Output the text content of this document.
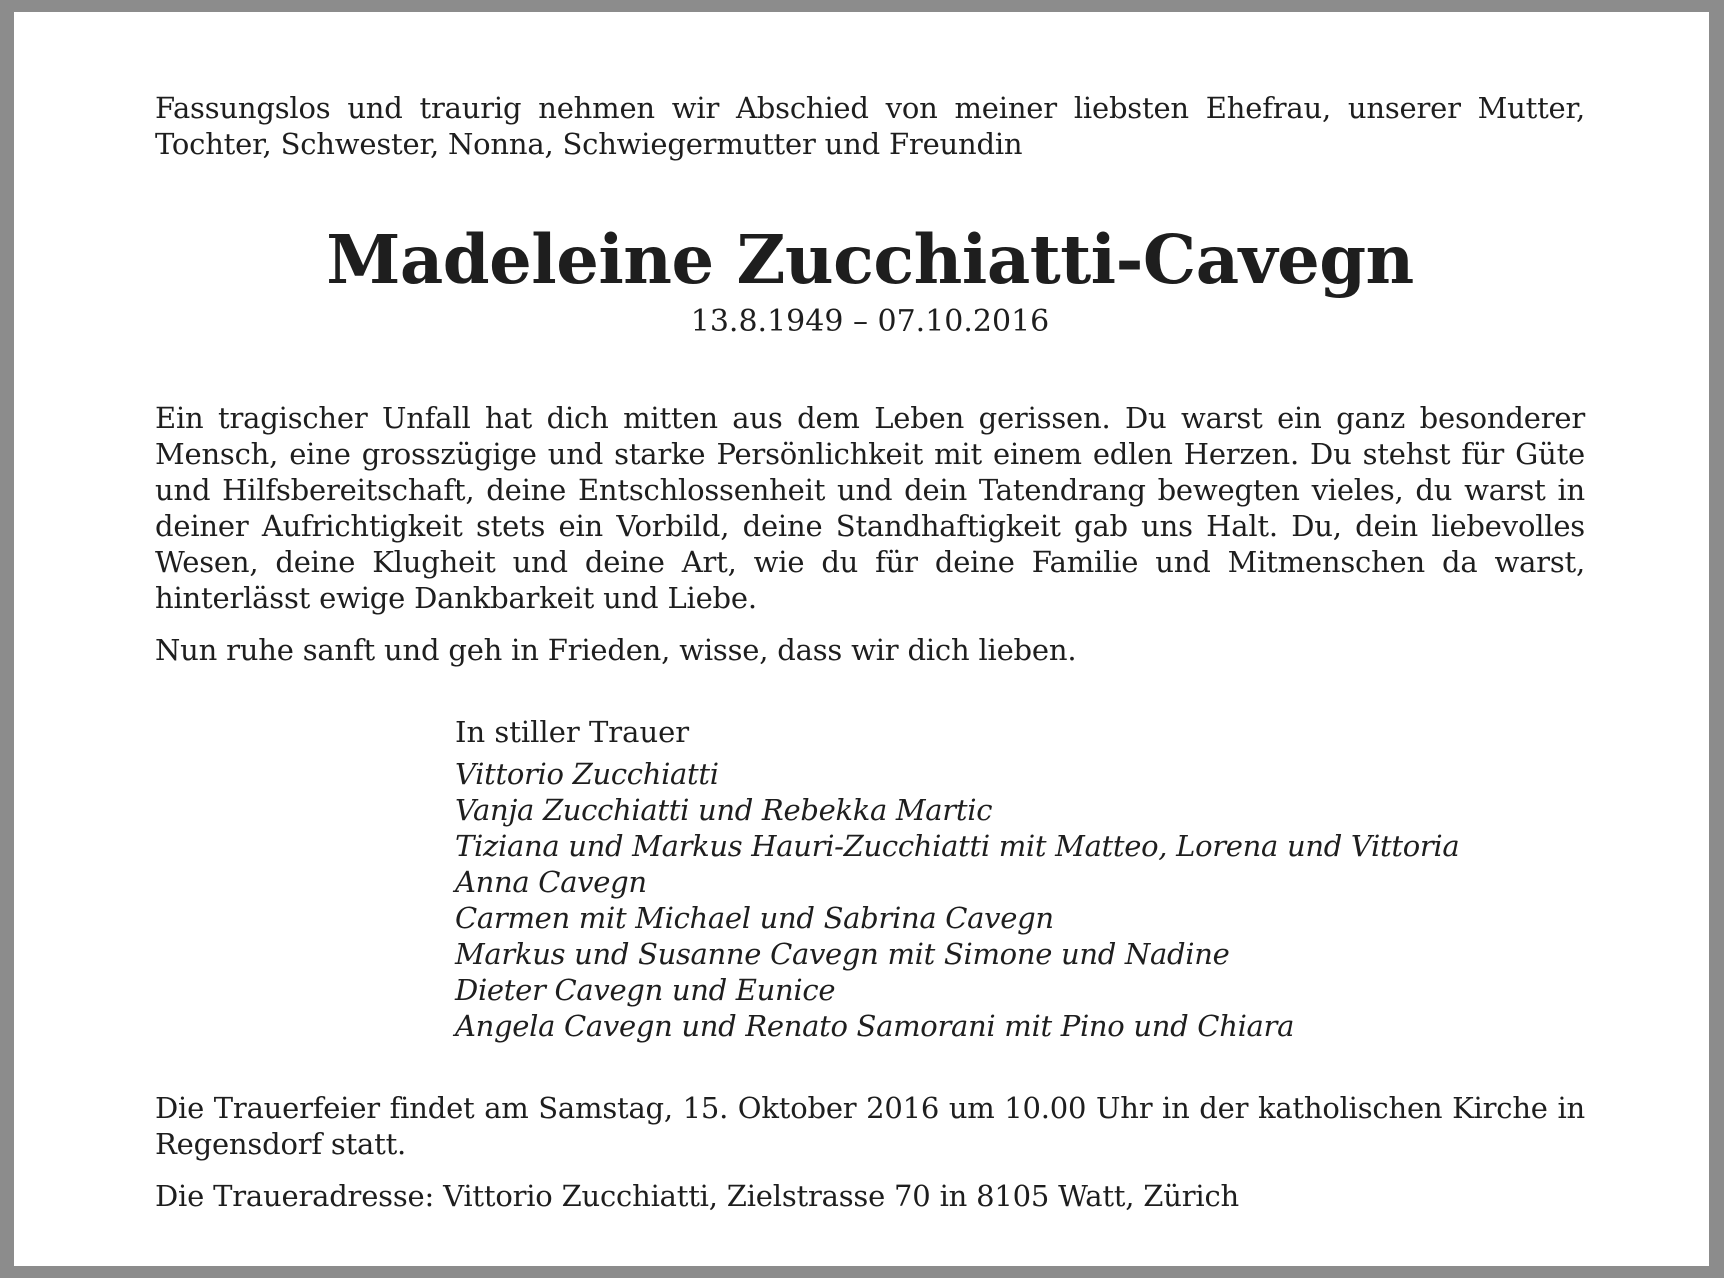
Fassungslos und traurig nehmen wir Abschied von meiner liebsten Ehefrau, unserer Mutter, Tochter, Schwester, Nonna, Schwiegermutter und Freundin

Madeleine Zucchiatti-Cavegn

13.8.1949 – 07.10.2016

Ein tragischer Unfall hat dich mitten aus dem Leben gerissen. Du warst ein ganz besonderer Mensch, eine grosszügige und starke Persönlichkeit mit einem edlen Herzen. Du stehst für Güte und Hilfsbereitschaft, deine Entschlossenheit und dein Tatendrang bewegten vieles, du warst in deiner Aufrichtigkeit stets ein Vorbild, deine Standhaftigkeit gab uns Halt. Du, dein liebevolles Wesen, deine Klugheit und deine Art, wie du für deine Familie und Mitmenschen da warst, hinterlässt ewige Dankbarkeit und Liebe.

Nun ruhe sanft und geh in Frieden, wisse, dass wir dich lieben.

In stiller Trauer

Vittorio Zucchiatti

Vanja Zucchiatti und Rebekka Martic

Tiziana und Markus Hauri-Zucchiatti mit Matteo, Lorena und Vittoria

Anna Cavegn

Carmen mit Michael und Sabrina Cavegn

Markus und Susanne Cavegn mit Simone und Nadine

Dieter Cavegn und Eunice

Angela Cavegn und Renato Samorani mit Pino und Chiara

Die Trauerfeier findet am Samstag, 15. Oktober 2016 um 10.00 Uhr in der katholischen Kirche in Regensdorf statt.

Die Traueradresse: Vittorio Zucchiatti, Zielstrasse 70 in 8105 Watt, Zürich
